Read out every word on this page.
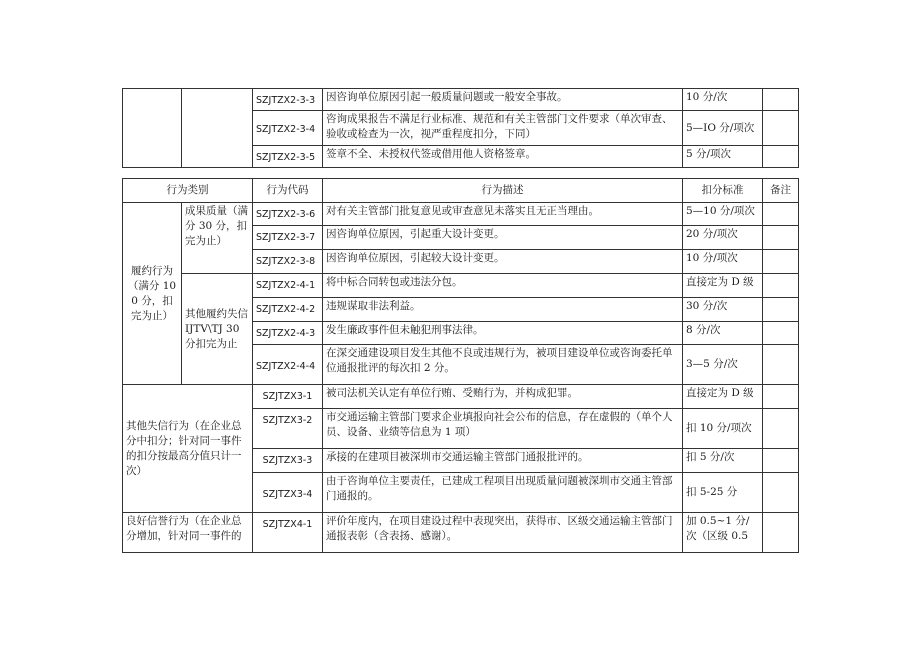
		SZJTZX2-3-3	因咨询单位原因引起一般质量问题或一般安全事故。	10 分/次	
		SZJTZX2-3-4	咨询成果报告不满足行业标准、规范和有关主管部门文件要求（单次审查、验收或检查为一次，视严重程度扣分，下同）	5—IO 分/项次	
		SZJTZX2-3-5	签章不全、未授权代签或借用他人资格签章。	5 分/项次	
行为类别		行为代码	行为描述	扣分标准	备注
履约行为（满分 100 分，扣完为止）	成果质量（满分 30 分，扣完为止）	SZJTZX2-3-6	对有关主管部门批复意见或审查意见未落实且无正当理由。	5—10 分/项次	
		SZJTZX2-3-7	因咨询单位原因，引起重大设计变更。	20 分/项次	
		SZJTZX2-3-8	因咨询单位原因，引起较大设计变更。	10 分/项次	
	其他履约失信IJTV\TJ 30 分扣完为止	SZJTZX2-4-1	将中标合同转包或违法分包。	直接定为 D 级	
		SZJTZX2-4-2	违规谋取非法利益。	30 分/次	
		SZJTZX2-4-3	发生廉政事件但未触犯刑事法律。	8 分/次	
		SZJTZX2-4-4	在深交通建设项目发生其他不良或违规行为，被项目建设单位或咨询委托单位通报批评的每次扣 2 分。	3—5 分/次	
其他失信行为（在企业总分中扣分；针对同一事件的扣分按最高分值只计一次）		SZJTZX3-1	被司法机关认定有单位行贿、受贿行为，并构成犯罪。	直接定为 D 级	
		SZJTZX3-2	市交通运输主管部门要求企业填报向社会公布的信息，存在虚假的（单个人员、设备、业绩等信息为 1 项）	扣 10 分/项次	
		SZJTZX3-3	承接的在建项目被深圳市交通运输主管部门通报批评的。	扣 5 分/次	
		SZJTZX3-4	由于咨询单位主要责任，已建成工程项目出现质量问题被深圳市交通主管部门通报的。	扣 5-25 分	
良好信誉行为（在企业总分增加，针对同一事件的		SZJTZX4-1	评价年度内，在项目建设过程中表现突出，获得市、区级交通运输主管部门通报表彰（含表扬、感谢）。	加 0.5~1 分/次（区级 0.5	
